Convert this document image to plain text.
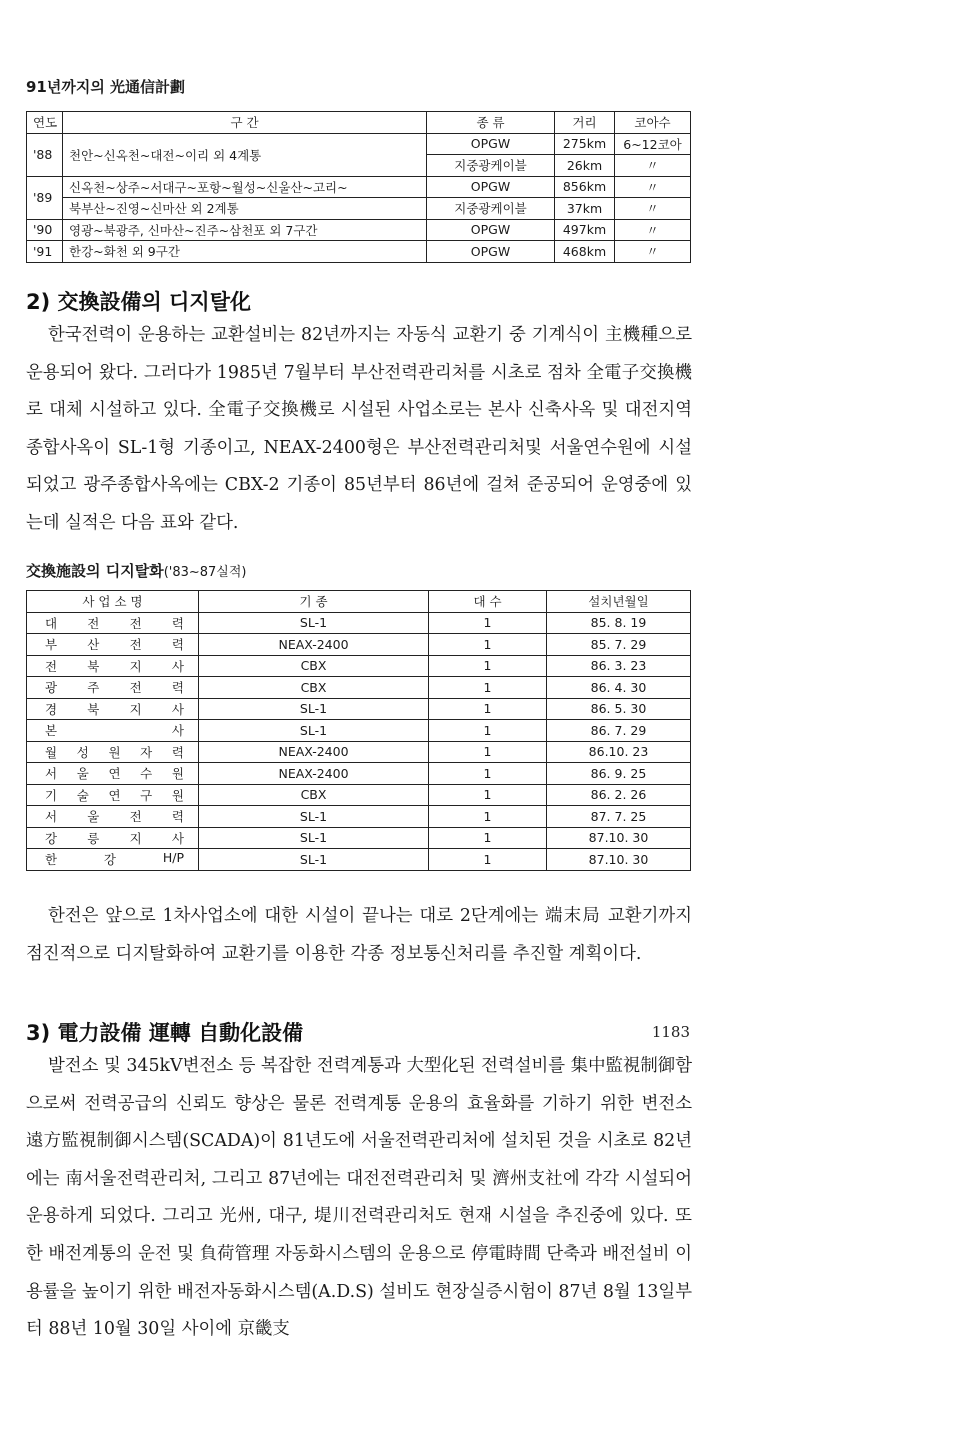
91년까지의 光通信計劃
연도	구 간	종 류	거리	코아수
'88	천안~신옥천~대전~이리 외 4계통	OPGW	275km	6~12코아
		지중광케이블	26km	〃
'89	신옥천~상주~서대구~포항~월성~신울산~고리~	OPGW	856km	〃
	북부산~진영~신마산 외 2계통	지중광케이블	37km	〃
'90	영광~북광주, 신마산~진주~삼천포 외 7구간	OPGW	497km	〃
'91	한강~화천 외 9구간	OPGW	468km	〃
2) 交換設備의 디지탈化

한국전력이 운용하는 교환설비는 82년까지는 자동식 교환기 중 기계식이 主機種으로 운용되어 왔다. 그러다가 1985년 7월부터 부산전력관리처를 시초로 점차 全電子交換機로 대체 시설하고 있다. 全電子交換機로 시설된 사업소로는 본사 신축사옥 및 대전지역 종합사옥이 SL-1형 기종이고, NEAX-2400형은 부산전력관리처및 서울연수원에 시설되었고 광주종합사옥에는 CBX-2 기종이 85년부터 86년에 걸쳐 준공되어 운영중에 있는데 실적은 다음 표와 같다.

交換施設의 디지탈화('83~87실적)
사 업 소 명	기 종	대 수	설치년월일

대 전 전 력	SL-1	1	85. 8. 19

부 산 전 력	NEAX-2400	1	85. 7. 29

전 북 지 사	CBX	1	86. 3. 23

광 주 전 력	CBX	1	86. 4. 30

경 북 지 사	SL-1	1	86. 5. 30

본 사	SL-1	1	86. 7. 29

월 성 원 자 력	NEAX-2400	1	86.10. 23

서 울 연 수 원	NEAX-2400	1	86. 9. 25

기 술 연 구 원	CBX	1	86. 2. 26

서 울 전 력	SL-1	1	87. 7. 25

강 릉 지 사	SL-1	1	87.10. 30

한 강 H/P	SL-1	1	87.10. 30

한전은 앞으로 1차사업소에 대한 시설이 끝나는 대로 2단계에는 端末局 교환기까지 점진적으로 디지탈화하여 교환기를 이용한 각종 정보통신처리를 추진할 계획이다.

3) 電力設備 運轉 自動化設備

발전소 및 345kV변전소 등 복잡한 전력계통과 大型化된 전력설비를 集中監視制御함으로써 전력공급의 신뢰도 향상은 물론 전력계통 운용의 효율화를 기하기 위한 변전소 遠方監視制御시스템(SCADA)이 81년도에 서울전력관리처에 설치된 것을 시초로 82년에는 南서울전력관리처, 그리고 87년에는 대전전력관리처 및 濟州支社에 각각 시설되어 운용하게 되었다. 그리고 光州, 대구, 堤川전력관리처도 현재 시설을 추진중에 있다. 또한 배전계통의 운전 및 負荷管理 자동화시스템의 운용으로 停電時間 단축과 배전설비 이용률을 높이기 위한 배전자동화시스템(A.D.S) 설비도 현장실증시험이 87년 8월 13일부터 88년 10월 30일 사이에 京畿支

1183
